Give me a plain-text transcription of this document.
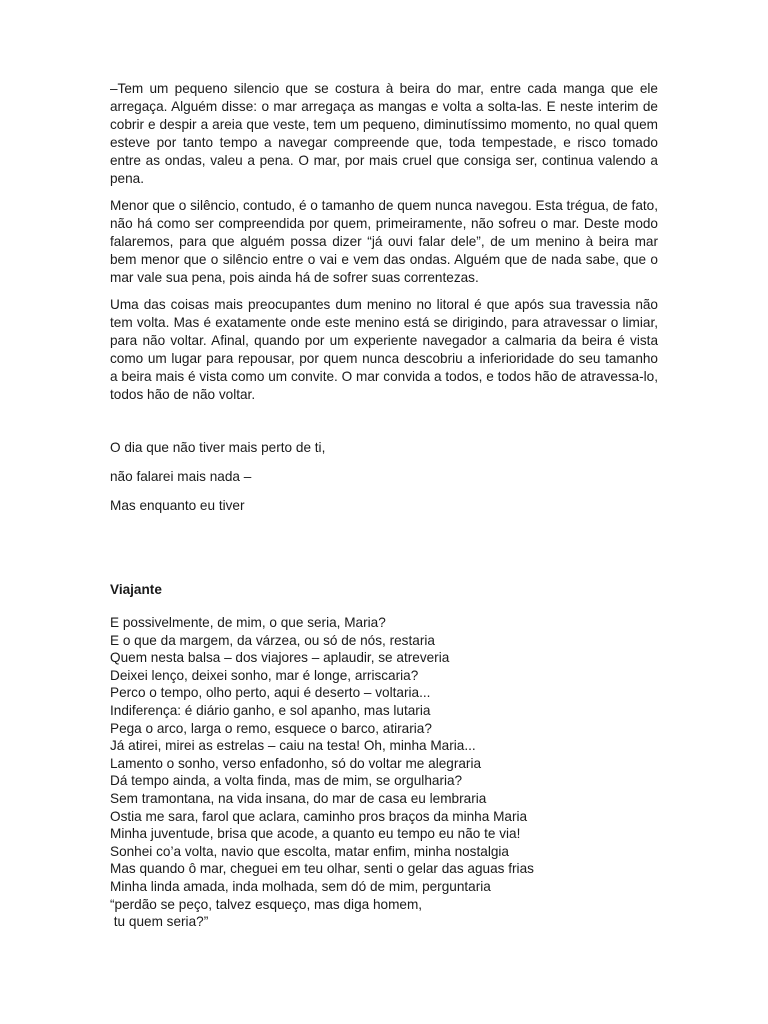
–Tem um pequeno silencio que se costura à beira do mar, entre cada manga que ele arregaça. Alguém disse: o mar arregaça as mangas e volta a solta-las. E neste interim de cobrir e despir a areia que veste, tem um pequeno, diminutíssimo momento, no qual quem esteve por tanto tempo a navegar compreende que, toda tempestade, e risco tomado entre as ondas, valeu a pena. O mar, por mais cruel que consiga ser, continua valendo a pena.

Menor que o silêncio, contudo, é o tamanho de quem nunca navegou. Esta trégua, de fato, não há como ser compreendida por quem, primeiramente, não sofreu o mar. Deste modo falaremos, para que alguém possa dizer “já ouvi falar dele”, de um menino à beira mar bem menor que o silêncio entre o vai e vem das ondas. Alguém que de nada sabe, que o mar vale sua pena, pois ainda há de sofrer suas correntezas.

Uma das coisas mais preocupantes dum menino no litoral é que após sua travessia não tem volta. Mas é exatamente onde este menino está se dirigindo, para atravessar o limiar, para não voltar. Afinal, quando por um experiente navegador a calmaria da beira é vista como um lugar para repousar, por quem nunca descobriu a inferioridade do seu tamanho a beira mais é vista como um convite. O mar convida a todos, e todos hão de atravessa-lo, todos hão de não voltar.

O dia que não tiver mais perto de ti,
não falarei mais nada –
Mas enquanto eu tiver
Viajante
E possivelmente, de mim, o que seria, Maria?
E o que da margem, da várzea, ou só de nós, restaria
Quem nesta balsa – dos viajores – aplaudir, se atreveria
Deixei lenço, deixei sonho, mar é longe, arriscaria?
Perco o tempo, olho perto, aqui é deserto – voltaria...
Indiferença: é diário ganho, e sol apanho, mas lutaria
Pega o arco, larga o remo, esquece o barco, atiraria?
Já atirei, mirei as estrelas – caiu na testa! Oh, minha Maria...
Lamento o sonho, verso enfadonho, só do voltar me alegraria
Dá tempo ainda, a volta finda, mas de mim, se orgulharia?
Sem tramontana, na vida insana, do mar de casa eu lembraria
Ostia me sara, farol que aclara, caminho pros braços da minha Maria
Minha juventude, brisa que acode, a quanto eu tempo eu não te via!
Sonhei co’a volta, navio que escolta, matar enfim, minha nostalgia
Mas quando ô mar, cheguei em teu olhar, senti o gelar das aguas frias
Minha linda amada, inda molhada, sem dó de mim, perguntaria
“perdão se peço, talvez esqueço, mas diga homem,
tu quem seria?”
